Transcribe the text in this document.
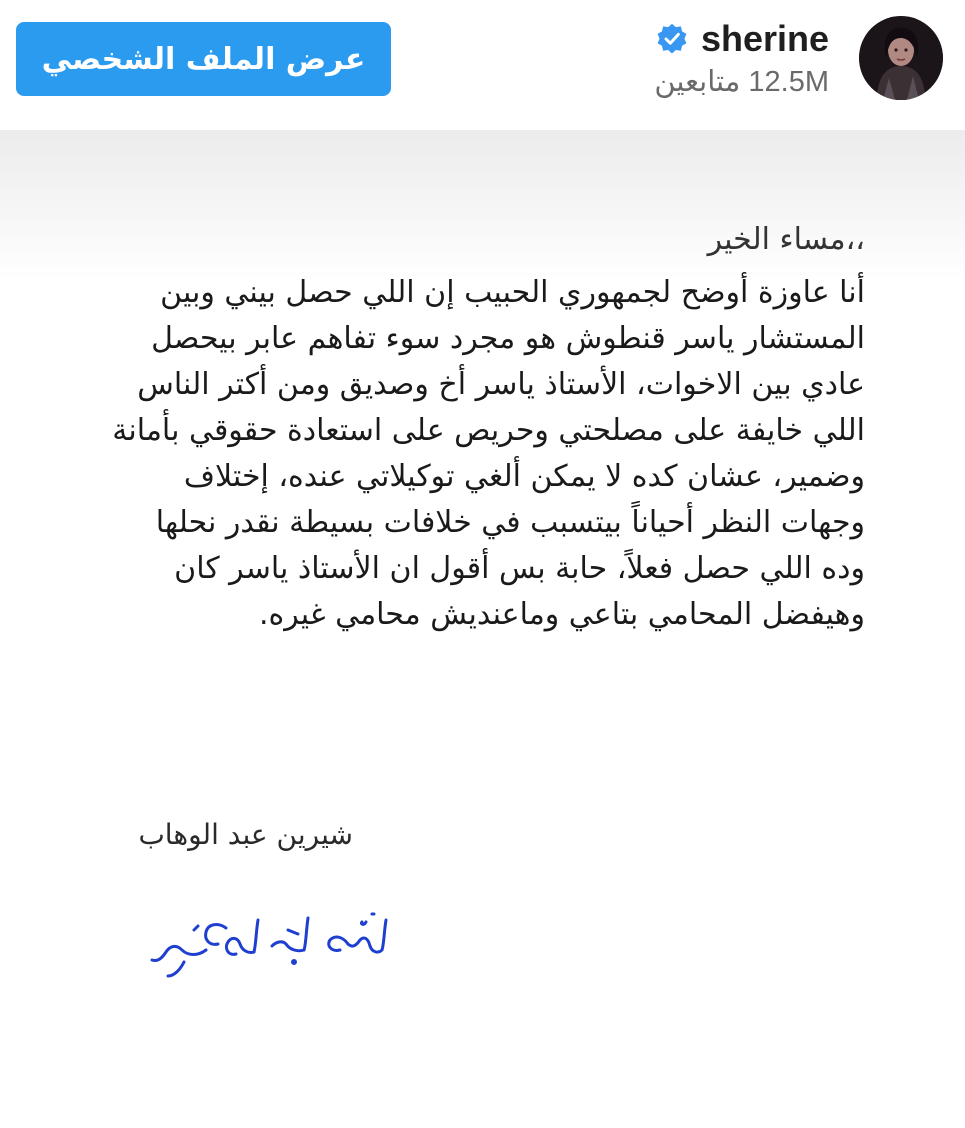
عرض الملف الشخصي
sherine
12.5M متابعين
،،مساء الخير
أنا عاوزة أوضح لجمهوري الحبيب إن اللي حصل بيني وبين المستشار ياسر قنطوش هو مجرد سوء تفاهم عابر بيحصل عادي بين الاخوات، الأستاذ ياسر أخ وصديق ومن أكتر الناس اللي خايفة على مصلحتي وحريص على استعادة حقوقي بأمانة وضمير، عشان كده لا يمكن ألغي توكيلاتي عنده، إختلاف وجهات النظر أحياناً بيتسبب في خلافات بسيطة نقدر نحلها وده اللي حصل فعلاً، حابة بس أقول ان الأستاذ ياسر كان وهيفضل المحامي بتاعي وماعنديش محامي غيره.
شيرين عبد الوهاب
